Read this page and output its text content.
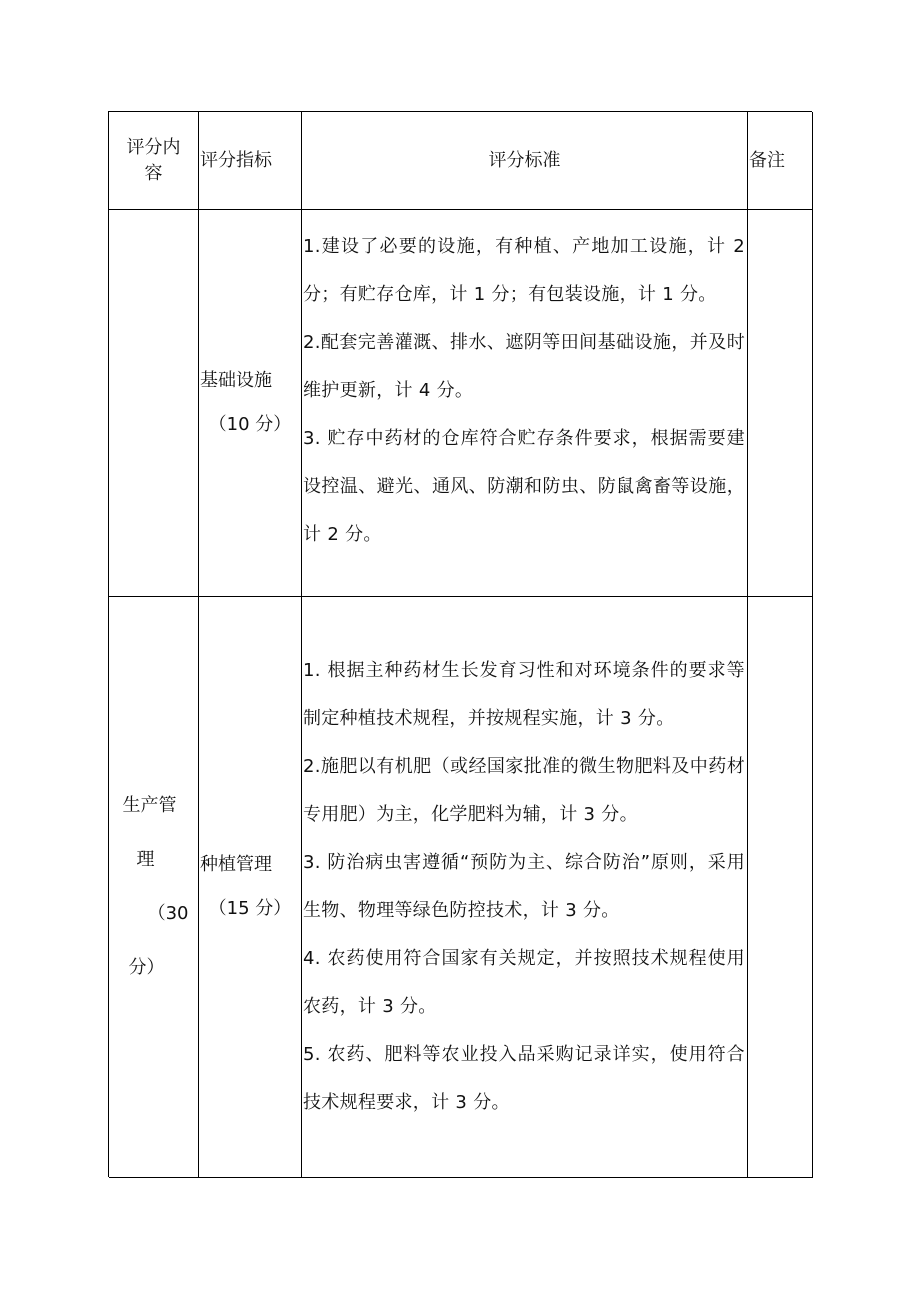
评分内容
评分指标	评分标准	备注
基础设施
（10 分）
1.建设了必要的设施，有种植、产地加工设施，计 2 分；有贮存仓库，计 1 分；有包装设施，计 1 分。
2.配套完善灌溉、排水、遮阴等田间基础设施，并及时维护更新，计 4 分。
3. 贮存中药材的仓库符合贮存条件要求，根据需要建设控温、避光、通风、防潮和防虫、防鼠禽畜等设施，计 2 分。
生产管
理
（30
分）
种植管理
（15 分）
1. 根据主种药材生长发育习性和对环境条件的要求等制定种植技术规程，并按规程实施，计 3 分。
2.施肥以有机肥（或经国家批准的微生物肥料及中药材专用肥）为主，化学肥料为辅，计 3 分。
3. 防治病虫害遵循“预防为主、综合防治”原则，采用生物、物理等绿色防控技术，计 3 分。
4. 农药使用符合国家有关规定，并按照技术规程使用农药，计 3 分。
5. 农药、肥料等农业投入品采购记录详实，使用符合技术规程要求，计 3 分。
